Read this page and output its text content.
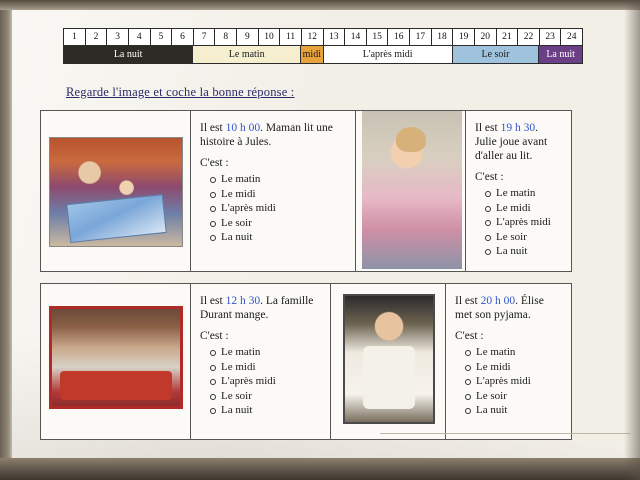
1	2	3	4	5	6	7	8	9	10	11	12	13	14	15	16	17	18	19	20	21	22	23	24
La nuit	Le matin	midi	L'après midi	Le soir	La nuit
Regarde l'image et coche la bonne réponse :
Il est 10 h 00. Maman lit une histoire à Jules.
C'est :
Le matin
Le midi
L'après midi
Le soir
La nuit
Il est 19 h 30. Julie joue avant d'aller au lit.
C'est :
Le matin
Le midi
L'après midi
Le soir
La nuit
Il est 12 h 30. La famille Durant mange.
C'est :
Le matin
Le midi
L'après midi
Le soir
La nuit
Il est 20 h 00. Élise met son pyjama.
C'est :
Le matin
Le midi
L'après midi
Le soir
La nuit
